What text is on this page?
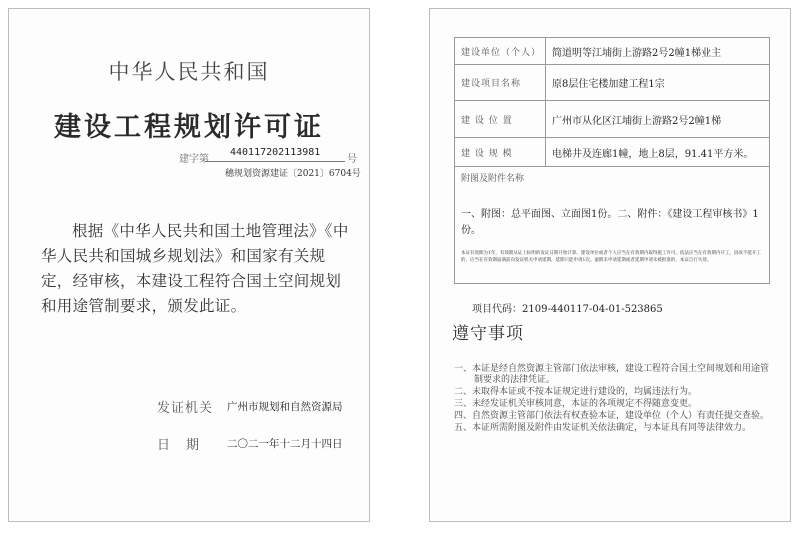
中华人民共和国
建设工程规划许可证
建字第
440117202113981
号
穗规划资源建证〔2021〕6704号
根据《中华人民共和国土地管理法》《中华人民共和国城乡规划法》和国家有关规定，经审核，本建设工程符合国土空间规划和用途管制要求，颁发此证。
发证机关 广州市规划和自然资源局
日期 二〇二一年十二月十四日
建设单位（个人）	简道明等江埔街上游路2号2幢1梯业主
建设项目名称	原8层住宅楼加建工程1宗
建 设 位 置	广州市从化区江埔街上游路2号2幢1梯
建 设 规 模	电梯井及连廊1幢，地上8层，91.41平方米。

附图及附件名称
一、附图：总平面图、立面图1份。二、附件：《建设工程审核书》1份。
本证有效期为1年，有效期从证上标明的发证日期开始计算。建设单位或者个人应当在有效期内取得施工许可。依法应当在有效期内开工，因故不能开工的，应当在有效期届满前向发证机关申请延期，延期只能申请1次。逾期未申请延期或者延期申请未被批准的，本证自行失效。	
项目代码：2109-440117-04-01-523865
遵守事项
一、本证是经自然资源主管部门依法审核，建设工程符合国土空间规划和用途管制要求的法律凭证。
二、未取得本证或不按本证规定进行建设的，均属违法行为。
三、未经发证机关审核同意，本证的各项规定不得随意变更。
四、自然资源主管部门依法有权查验本证，建设单位（个人）有责任提交查验。
五、本证所需附图及附件由发证机关依法确定，与本证具有同等法律效力。
